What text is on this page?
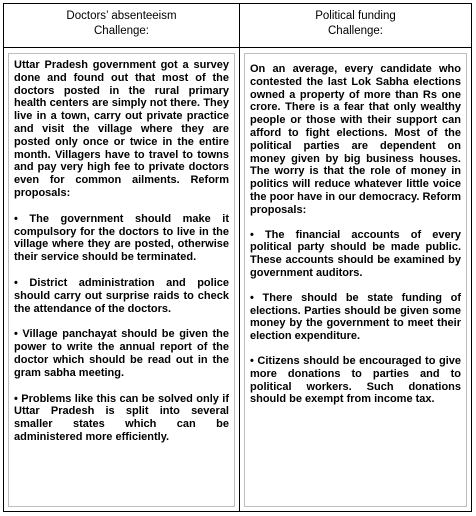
Doctors’ absenteeism
Challenge:
Political funding
Challenge:

Uttar Pradesh government got a survey done and found out that most of the doctors posted in the rural primary health centers are simply not there. They live in a town, carry out private practice and visit the village where they are posted only once or twice in the entire month. Villagers have to travel to towns and pay very high fee to private doctors even for common ailments. Reform proposals:

• The government should make it compulsory for the doctors to live in the village where they are posted, otherwise their service should be terminated.

• District administration and police should carry out surprise raids to check the attendance of the doctors.

• Village panchayat should be given the power to write the annual report of the doctor which should be read out in the gram sabha meeting.

• Problems like this can be solved only if Uttar Pradesh is split into several smaller states which can be administered more efficiently.

On an average, every candidate who contested the last Lok Sabha elections owned a property of more than Rs one crore. There is a fear that only wealthy people or those with their support can afford to fight elections. Most of the political parties are dependent on money given by big business houses. The worry is that the role of money in politics will reduce whatever little voice the poor have in our democracy. Reform proposals:

• The financial accounts of every political party should be made public. These accounts should be examined by government auditors.

• There should be state funding of elections. Parties should be given some money by the government to meet their election expenditure.

• Citizens should be encouraged to give more donations to parties and to political workers. Such donations should be exempt from income tax.
